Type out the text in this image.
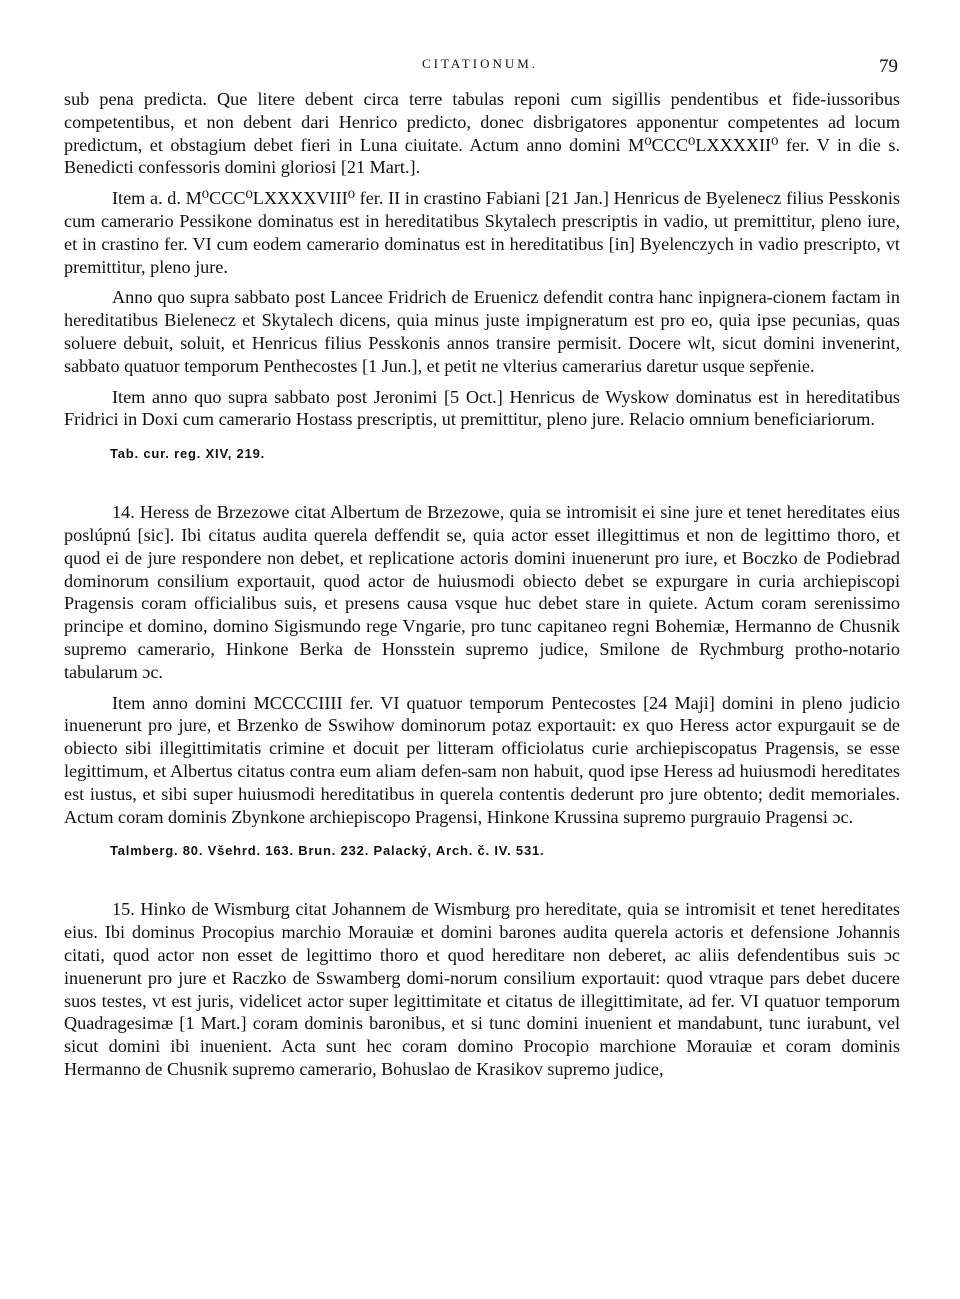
CITATIONUM.	79

sub pena predicta. Que litere debent circa terre tabulas reponi cum sigillis pendentibus et fide-iussoribus competentibus, et non debent dari Henrico predicto, donec disbrigatores apponentur competentes ad locum predictum, et obstagium debet fieri in Luna ciuitate. Actum anno domini M⁰CCC⁰LXXXXII⁰ fer. V in die s. Benedicti confessoris domini gloriosi [21 Mart.].

Item a. d. M⁰CCC⁰LXXXXVIII⁰ fer. II in crastino Fabiani [21 Jan.] Henricus de Byelenecz filius Pesskonis cum camerario Pessikone dominatus est in hereditatibus Skytalech prescriptis in vadio, ut premittitur, pleno iure, et in crastino fer. VI cum eodem camerario dominatus est in hereditatibus [in] Byelenczych in vadio prescripto, vt premittitur, pleno jure.

Anno quo supra sabbato post Lancee Fridrich de Eruenicz defendit contra hanc inpignera-cionem factam in hereditatibus Bielenecz et Skytalech dicens, quia minus juste impigneratum est pro eo, quia ipse pecunias, quas soluere debuit, soluit, et Henricus filius Pesskonis annos transire permisit. Docere wlt, sicut domini invenerint, sabbato quatuor temporum Penthecostes [1 Jun.], et petit ne vlterius camerarius daretur usque sepřenie.

Item anno quo supra sabbato post Jeronimi [5 Oct.] Henricus de Wyskow dominatus est in hereditatibus Fridrici in Doxi cum camerario Hostass prescriptis, ut premittitur, pleno jure. Relacio omnium beneficiariorum.

Tab. cur. reg. XIV, 219.

14. Heress de Brzezowe citat Albertum de Brzezowe, quia se intromisit ei sine jure et tenet hereditates eius poslúpnú [sic]. Ibi citatus audita querela deffendit se, quia actor esset illegittimus et non de legittimo thoro, et quod ei de jure respondere non debet, et replicatione actoris domini inuenerunt pro iure, et Boczko de Podiebrad dominorum consilium exportauit, quod actor de huiusmodi obiecto debet se expurgare in curia archiepiscopi Pragensis coram officialibus suis, et presens causa vsque huc debet stare in quiete. Actum coram serenissimo principe et domino, domino Sigismundo rege Vngarie, pro tunc capitaneo regni Bohemiæ, Hermanno de Chusnik supremo camerario, Hinkone Berka de Honsstein supremo judice, Smilone de Rychmburg protho-notario tabularum ɔc.

Item anno domini MCCCCIIII fer. VI quatuor temporum Pentecostes [24 Maji] domini in pleno judicio inuenerunt pro jure, et Brzenko de Sswihow dominorum potaz exportauit: ex quo Heress actor expurgauit se de obiecto sibi illegittimitatis crimine et docuit per litteram officiolatus curie archiepiscopatus Pragensis, se esse legittimum, et Albertus citatus contra eum aliam defen-sam non habuit, quod ipse Heress ad huiusmodi hereditates est iustus, et sibi super huiusmodi hereditatibus in querela contentis dederunt pro jure obtento; dedit memoriales. Actum coram dominis Zbynkone archiepiscopo Pragensi, Hinkone Krussina supremo purgrauio Pragensi ɔc.

Talmberg. 80. Všehrd. 163. Brun. 232. Palacký, Arch. č. IV. 531.

15. Hinko de Wismburg citat Johannem de Wismburg pro hereditate, quia se intromisit et tenet hereditates eius. Ibi dominus Procopius marchio Morauiæ et domini barones audita querela actoris et defensione Johannis citati, quod actor non esset de legittimo thoro et quod hereditare non deberet, ac aliis defendentibus suis ɔc inuenerunt pro jure et Raczko de Sswamberg domi-norum consilium exportauit: quod vtraque pars debet ducere suos testes, vt est juris, videlicet actor super legittimitate et citatus de illegittimitate, ad fer. VI quatuor temporum Quadragesimæ [1 Mart.] coram dominis baronibus, et si tunc domini inuenient et mandabunt, tunc iurabunt, vel sicut domini ibi inuenient. Acta sunt hec coram domino Procopio marchione Morauiæ et coram dominis Hermanno de Chusnik supremo camerario, Bohuslao de Krasikov supremo judice,
